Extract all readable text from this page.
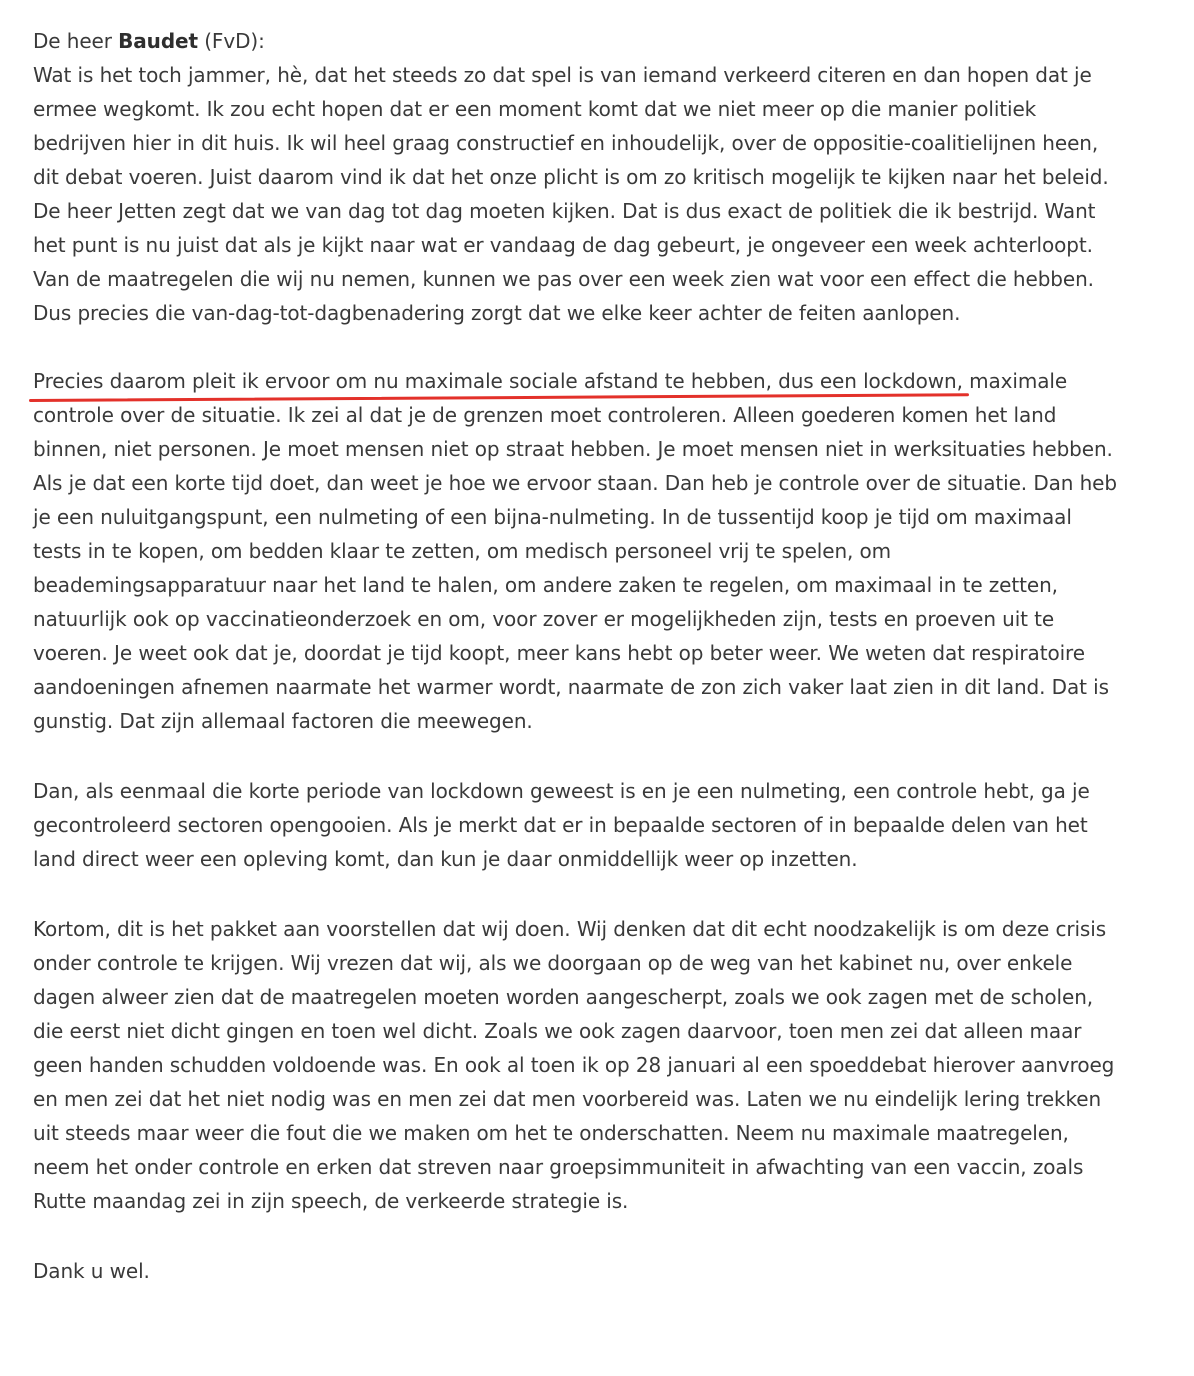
De heer Baudet (FvD):
Wat is het toch jammer, hè, dat het steeds zo dat spel is van iemand verkeerd citeren en dan hopen dat je
ermee wegkomt. Ik zou echt hopen dat er een moment komt dat we niet meer op die manier politiek
bedrijven hier in dit huis. Ik wil heel graag constructief en inhoudelijk, over de oppositie-coalitielijnen heen,
dit debat voeren. Juist daarom vind ik dat het onze plicht is om zo kritisch mogelijk te kijken naar het beleid.
De heer Jetten zegt dat we van dag tot dag moeten kijken. Dat is dus exact de politiek die ik bestrijd. Want
het punt is nu juist dat als je kijkt naar wat er vandaag de dag gebeurt, je ongeveer een week achterloopt.
Van de maatregelen die wij nu nemen, kunnen we pas over een week zien wat voor een effect die hebben.
Dus precies die van-dag-tot-dagbenadering zorgt dat we elke keer achter de feiten aanlopen.
Precies daarom pleit ik ervoor om nu maximale sociale afstand te hebben, dus een lockdown,
maximale
controle over de situatie. Ik zei al dat je de grenzen moet controleren. Alleen goederen komen het land
binnen, niet personen. Je moet mensen niet op straat hebben. Je moet mensen niet in werksituaties hebben.
Als je dat een korte tijd doet, dan weet je hoe we ervoor staan. Dan heb je controle over de situatie. Dan heb
je een nuluitgangspunt, een nulmeting of een bijna-nulmeting. In de tussentijd koop je tijd om maximaal
tests in te kopen, om bedden klaar te zetten, om medisch personeel vrij te spelen, om
beademingsapparatuur naar het land te halen, om andere zaken te regelen, om maximaal in te zetten,
natuurlijk ook op vaccinatieonderzoek en om, voor zover er mogelijkheden zijn, tests en proeven uit te
voeren. Je weet ook dat je, doordat je tijd koopt, meer kans hebt op beter weer. We weten dat respiratoire
aandoeningen afnemen naarmate het warmer wordt, naarmate de zon zich vaker laat zien in dit land. Dat is
gunstig. Dat zijn allemaal factoren die meewegen.
Dan, als eenmaal die korte periode van lockdown geweest is en je een nulmeting, een controle hebt, ga je
gecontroleerd sectoren opengooien. Als je merkt dat er in bepaalde sectoren of in bepaalde delen van het
land direct weer een opleving komt, dan kun je daar onmiddellijk weer op inzetten.
Kortom, dit is het pakket aan voorstellen dat wij doen. Wij denken dat dit echt noodzakelijk is om deze crisis
onder controle te krijgen. Wij vrezen dat wij, als we doorgaan op de weg van het kabinet nu, over enkele
dagen alweer zien dat de maatregelen moeten worden aangescherpt, zoals we ook zagen met de scholen,
die eerst niet dicht gingen en toen wel dicht. Zoals we ook zagen daarvoor, toen men zei dat alleen maar
geen handen schudden voldoende was. En ook al toen ik op 28 januari al een spoeddebat hierover aanvroeg
en men zei dat het niet nodig was en men zei dat men voorbereid was. Laten we nu eindelijk lering trekken
uit steeds maar weer die fout die we maken om het te onderschatten. Neem nu maximale maatregelen,
neem het onder controle en erken dat streven naar groepsimmuniteit in afwachting van een vaccin, zoals
Rutte maandag zei in zijn speech, de verkeerde strategie is.
Dank u wel.
